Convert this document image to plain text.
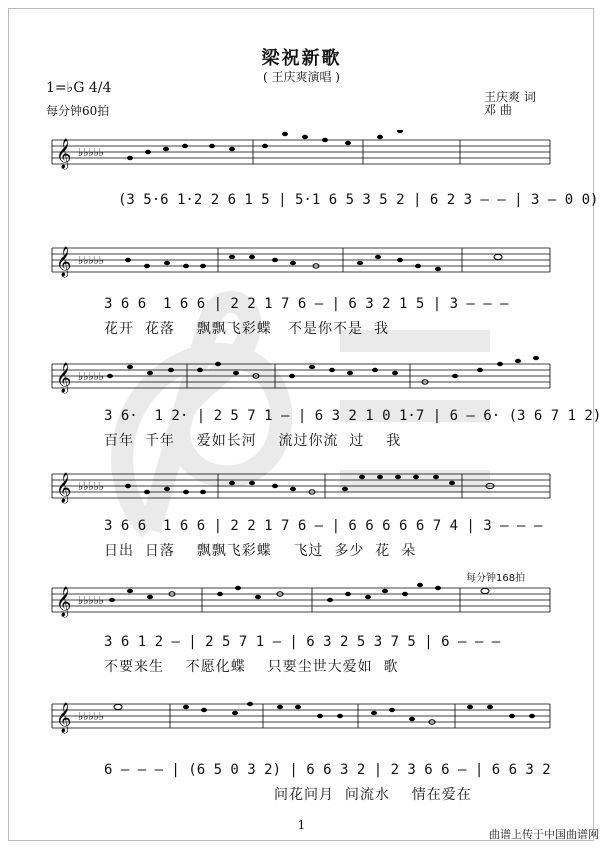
梁祝新歌
( 王庆爽演唱 )
1=♭G 4/4
每分钟60拍
王庆爽 词
邓 曲
𝄞 ♭♭♭♭♭
(3 5·6 1·2 2 6 1 5 | 5·1 6 5 3 5 2 | 6 2 3 – – | 3 – 0 0)
𝄞 ♭♭♭♭♭
3 6 6  1 6 6 | 2 2 1 7 6 – | 6 3 2 1 5 | 3 – – –
花开  花落    飘飘飞彩蝶   不是你不是  我
𝄞 ♭♭♭♭♭
3 6·  1 2· | 2 5 7 1 – | 6 3 2 1 0 1·7 | 6 – 6· (3 6 7 1 2)
百年  千年    爱如长河    流过你流  过    我
𝄞 ♭♭♭♭♭
3 6 6  1 6 6 | 2 2 1 7 6 – | 6 6 6 6 6 7 4 | 3 – – –
日出  日落    飘飘飞彩蝶    飞过  多少  花  朵
每分钟168拍
𝄞 ♭♭♭♭♭
3 6 1 2 – | 2 5 7 1 – | 6 3 2 5 3 7 5 | 6 – – –
不要来生    不愿化蝶    只要尘世大爱如  歌
𝄞 ♭♭♭♭♭
6 – – – | (6 5 0 3 2) | 6 6 3 2 | 2 3 6 6 – | 6 6 3 2
问花问月  问流水    情在爱在
1
曲谱上传于中国曲谱网
